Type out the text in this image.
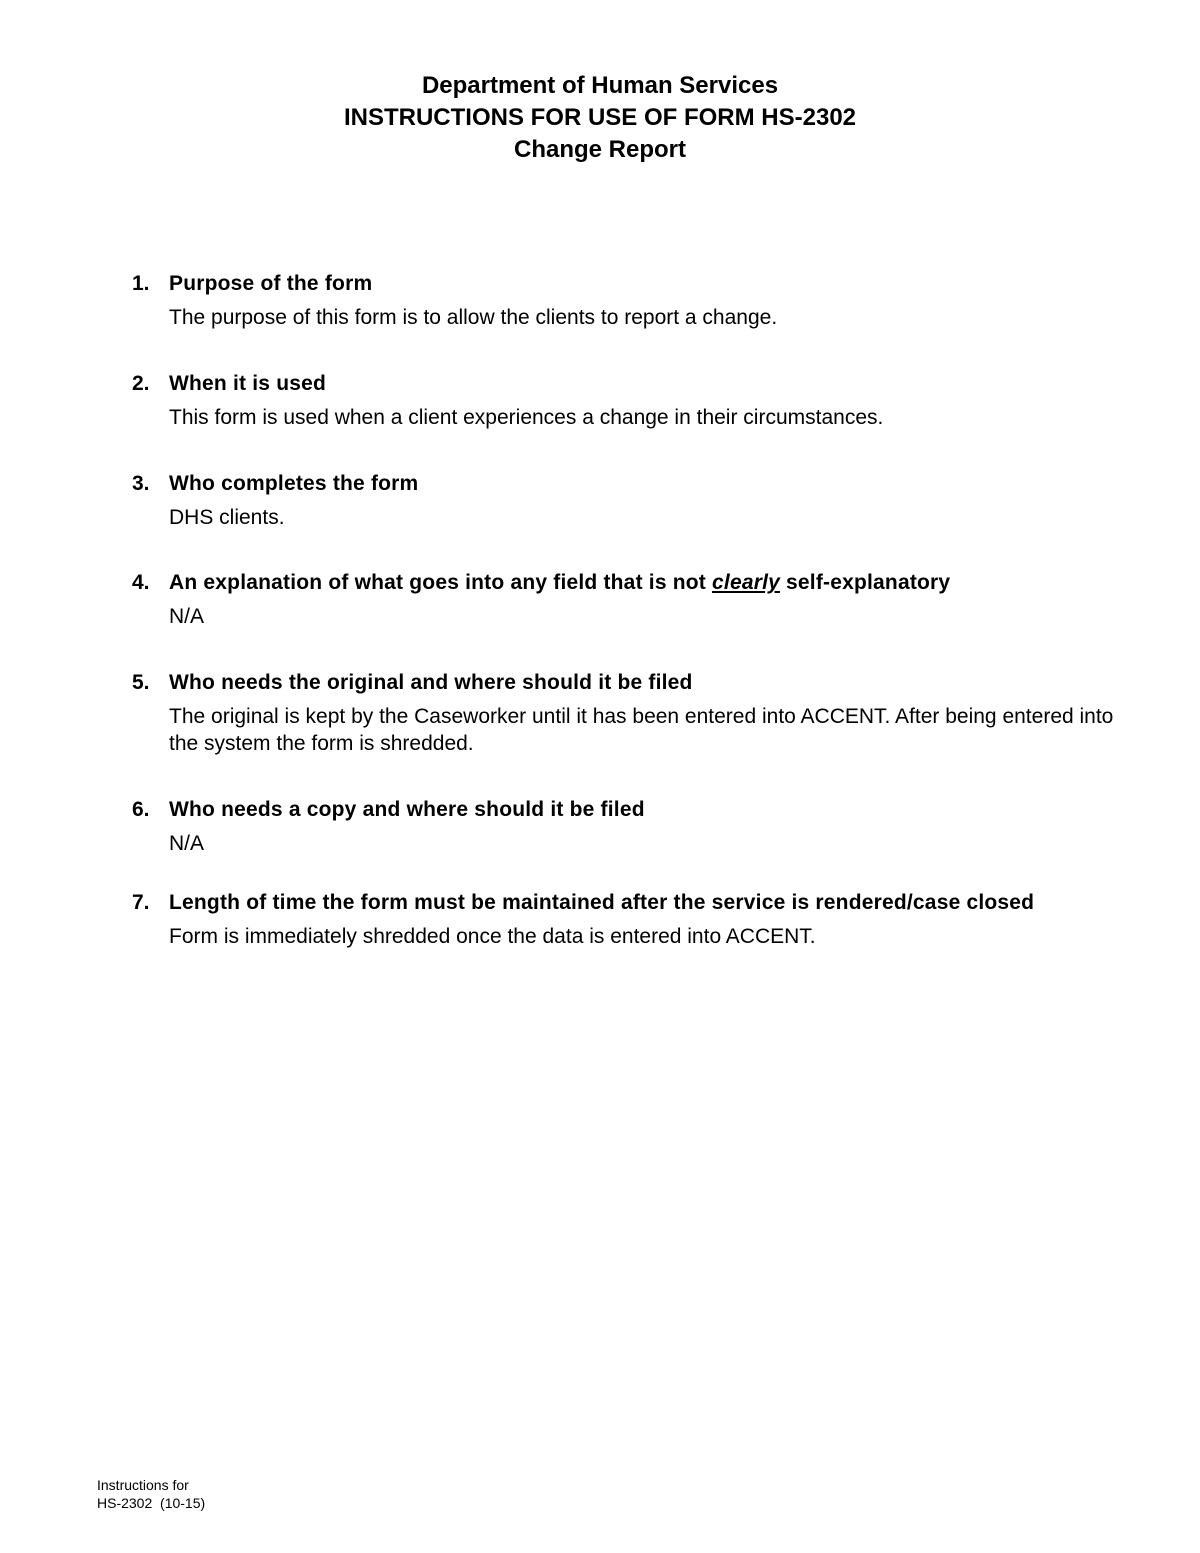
Department of Human Services
INSTRUCTIONS FOR USE OF FORM HS-2302
Change Report
1. Purpose of the form
The purpose of this form is to allow the clients to report a change.
2. When it is used
This form is used when a client experiences a change in their circumstances.
3. Who completes the form
DHS clients.
4. An explanation of what goes into any field that is not clearly self-explanatory
N/A
5. Who needs the original and where should it be filed
The original is kept by the Caseworker until it has been entered into ACCENT. After being entered into the system the form is shredded.
6. Who needs a copy and where should it be filed
N/A
7. Length of time the form must be maintained after the service is rendered/case closed
Form is immediately shredded once the data is entered into ACCENT.
Instructions for
HS-2302  (10-15)
